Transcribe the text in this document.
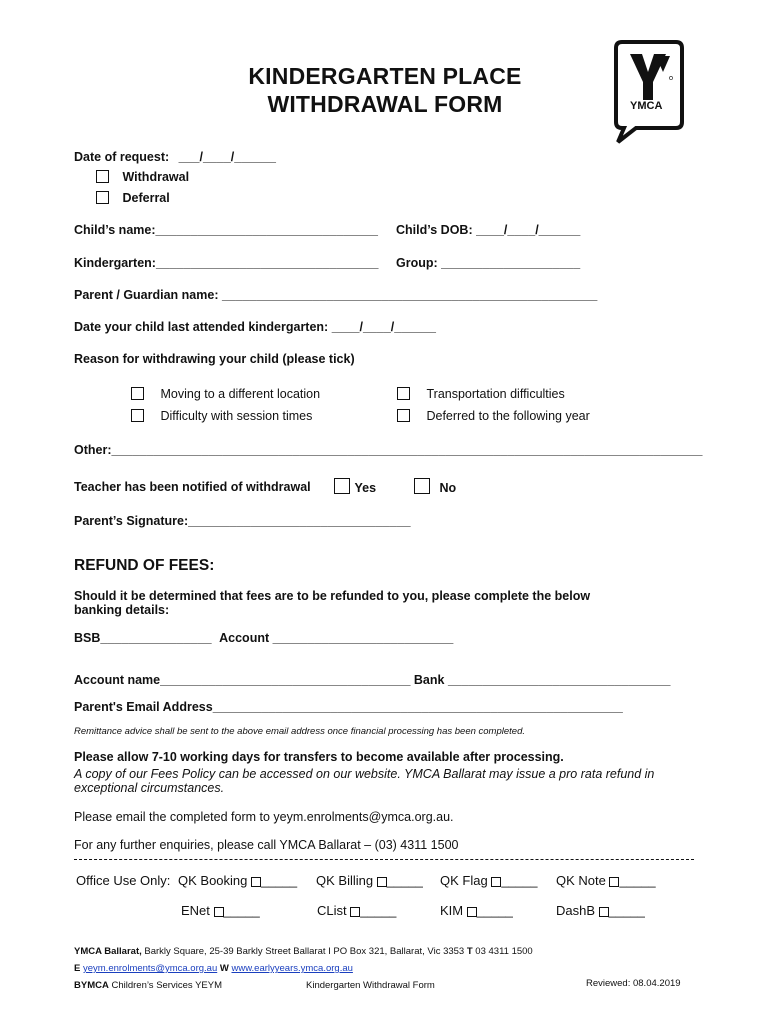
KINDERGARTEN PLACE
WITHDRAWAL FORM	YMCA
Date of request: ___/____/______
Withdrawal
Deferral
Child’s name:________________________________ Child’s DOB: ____/____/______
Kindergarten:________________________________ Group: ____________________
Parent / Guardian name: ______________________________________________________
Date your child last attended kindergarten: ____/____/______
Reason for withdrawing your child (please tick)
Moving to a different location	Transportation difficulties
Difficulty with session times	Deferred to the following year
Other:_____________________________________________________________________________________
Teacher has been notified of withdrawal	Yes	No
Parent’s Signature:________________________________
REFUND OF FEES:
Should it be determined that fees are to be refunded to you, please complete the below
banking details:
BSB________________ Account __________________________
Account name____________________________________ Bank ________________________________
Parent's Email Address___________________________________________________________
Remittance advice shall be sent to the above email address once financial processing has been completed.
Please allow 7-10 working days for transfers to become available after processing.
A copy of our Fees Policy can be accessed on our website. YMCA Ballarat may issue a pro rata refund in
exceptional circumstances.
Please email the completed form to yeym.enrolments@ymca.org.au.
For any further enquiries, please call YMCA Ballarat – (03) 4311 1500
Office Use Only: QK Booking _____ QK Billing _____ QK Flag _____ QK Note _____
ENet _____	CList _____	KIM _____	DashB _____
YMCA Ballarat, Barkly Square, 25-39 Barkly Street Ballarat I PO Box 321, Ballarat, Vic 3353 T 03 4311 1500
E yeym.enrolments@ymca.org.au W www.earlyyears.ymca.org.au
BYMCA Children’s Services YEYM	Kindergarten Withdrawal Form	Reviewed: 08.04.2019
